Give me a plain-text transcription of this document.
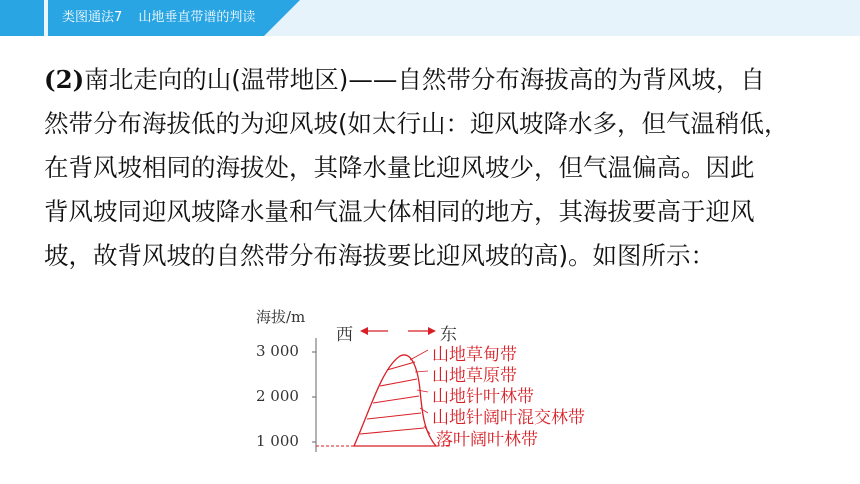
类图通法7 山地垂直带谱的判读

(2)南北走向的山(温带地区)——自然带分布海拔高的为背风坡，自

然带分布海拔低的为迎风坡(如太行山：迎风坡降水多，但气温稍低，

在背风坡相同的海拔处，其降水量比迎风坡少，但气温偏高。因此

背风坡同迎风坡降水量和气温大体相同的地方，其海拔要高于迎风

坡，故背风坡的自然带分布海拔要比迎风坡的高)。如图所示：

海拔/m
3 000
2 000
1 000
西	东
山地草甸带
山地草原带
山地针叶林带
山地针阔叶混交林带
落叶阔叶林带
